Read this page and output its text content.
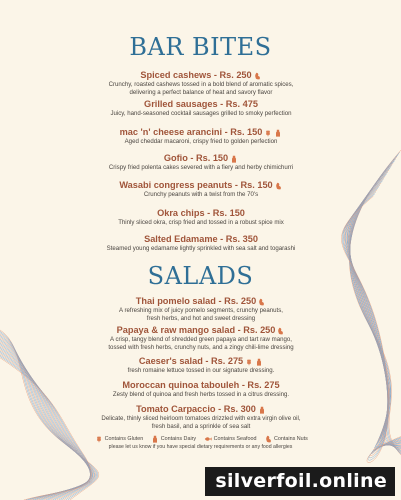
BAR BITES
Spiced cashews - Rs. 250
Crunchy, roasted cashews tossed in a bold blend of aromatic spices,
delivering a perfect balance of heat and savory flavor
Grilled sausages - Rs. 475
Juicy, hand-seasoned cocktail sausages grilled to smoky perfection
mac 'n' cheese arancini - Rs. 150
Aged cheddar macaroni, crispy fried to golden perfection
Gofio - Rs. 150
Crispy fried polenta cakes severed with a fiery and herby chimichurri
Wasabi congress peanuts - Rs. 150
Crunchy peanuts with a twist from the 70's
Okra chips - Rs. 150
Thinly sliced okra, crisp fried and tossed in a robust spice mix
Salted Edamame - Rs. 350
Steamed young edamame lightly sprinkled with sea salt and togarashi
SALADS
Thai pomelo salad - Rs. 250
A refreshing mix of juicy pomelo segments, crunchy peanuts,
fresh herbs, and hot and sweet dressing
Papaya & raw mango salad - Rs. 250
A crisp, tangy blend of shredded green papaya and tart raw mango,
tossed with fresh herbs, crunchy nuts, and a zingy chili-lime dressing
Caeser's salad - Rs. 275
fresh romaine lettuce tossed in our signature dressing.
Moroccan quinoa tabouleh - Rs. 275
Zesty blend of quinoa and fresh herbs tossed in a citrus dressing.
Tomato Carpaccio - Rs. 300
Delicate, thinly sliced heirloom tomatoes drizzled with extra virgin olive oil,
fresh basil, and a sprinkle of sea salt
Contains Gluten	Contains Dairy	Contains Seafood	Contains Nuts
please let us know if you have special dietary requirements or any food allergies
silverfoil.online
